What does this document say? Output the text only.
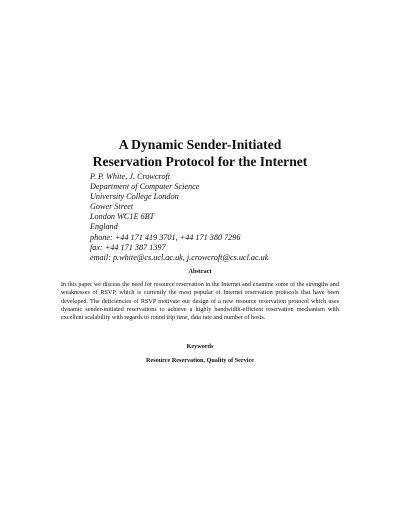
A Dynamic Sender-Initiated
Reservation Protocol for the Internet
P. P. White, J. Crowcroft
Department of Computer Science
University College London
Gower Street
London WC1E 6BT
England
phone: +44 171 419 3701, +44 171 380 7296
fax: +44 171 387 1397
email: p.white@cs.ucl.ac.uk, j.crowcroft@cs.ucl.ac.uk
Abstract

In this paper we discuss the need for resource reservation in the Internet and examine some of the strengths and weaknesses of RSVP, which is currently the most popular of Internet reservation protocols that have been developed. The deficiencies of RSVP motivate our design of a new resource reservation protocol which uses dynamic sender-initiated reservations to achieve a highly bandwidth-efficient reservation mechanism with excellent scalability with regards to round trip time, data rate and number of hosts.

Keywords

Resource Reservation, Quality of Service
